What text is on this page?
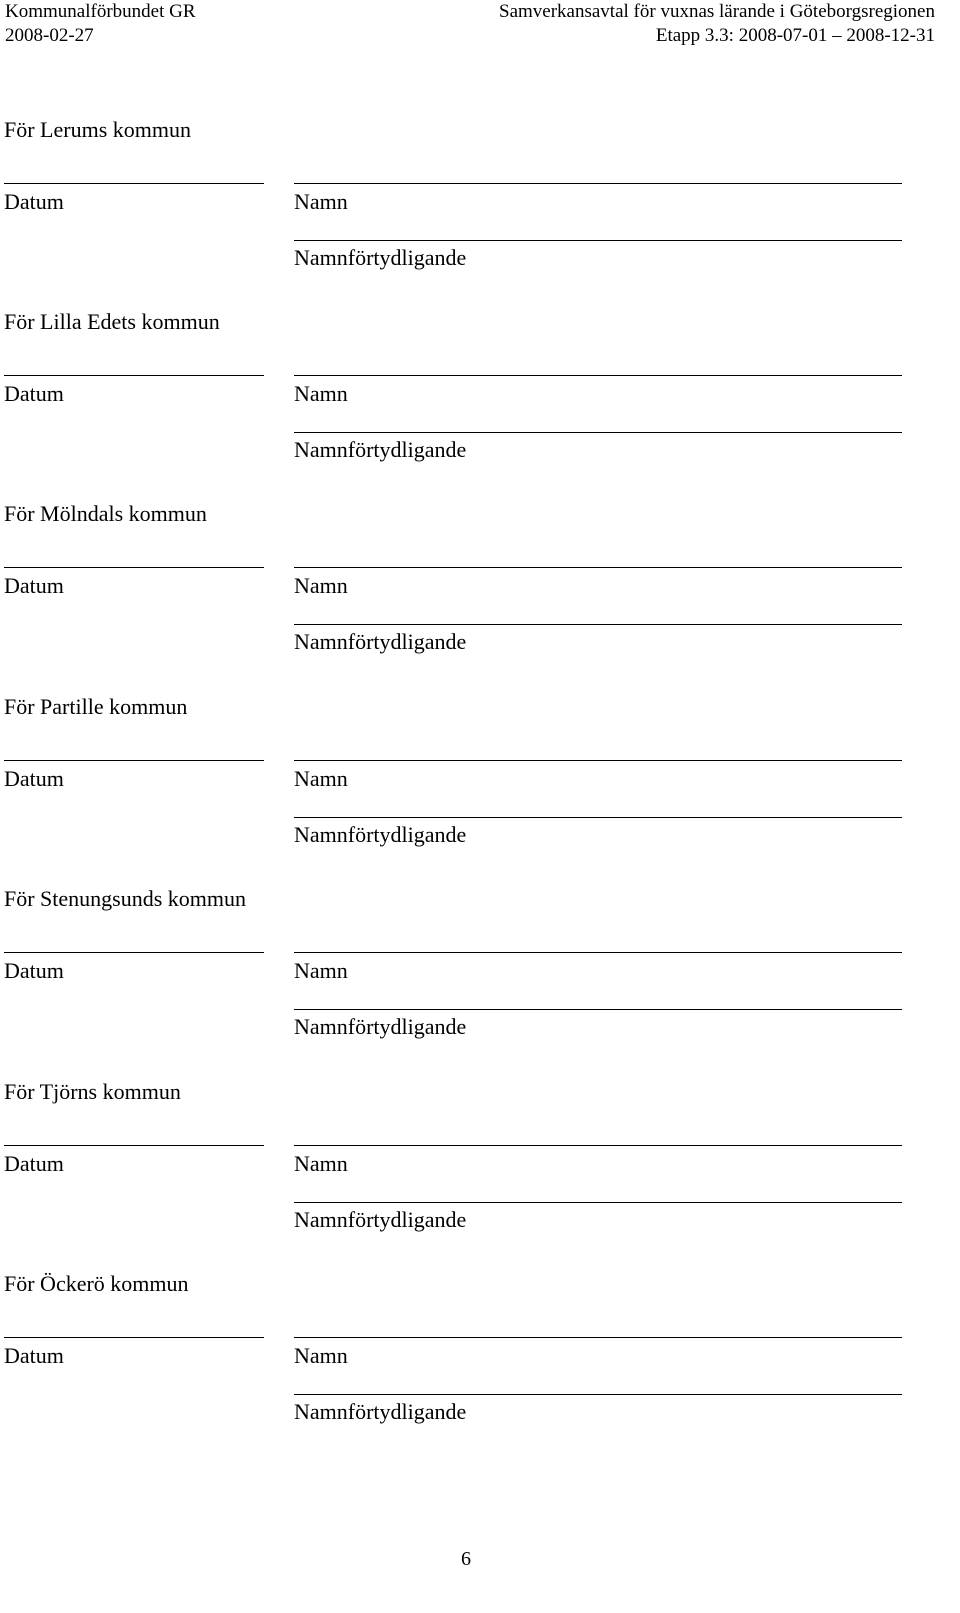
Kommunalförbundet GR	Samverkansavtal för vuxnas lärande i Göteborgsregionen
2008-02-27	Etapp 3.3: 2008-07-01 – 2008-12-31
För Lerums kommun
Datum	Namn
Namnförtydligande
För Lilla Edets kommun
Datum	Namn
Namnförtydligande
För Mölndals kommun
Datum	Namn
Namnförtydligande
För Partille kommun
Datum	Namn
Namnförtydligande
För Stenungsunds kommun
Datum	Namn
Namnförtydligande
För Tjörns kommun
Datum	Namn
Namnförtydligande
För Öckerö kommun
Datum	Namn
Namnförtydligande
6
